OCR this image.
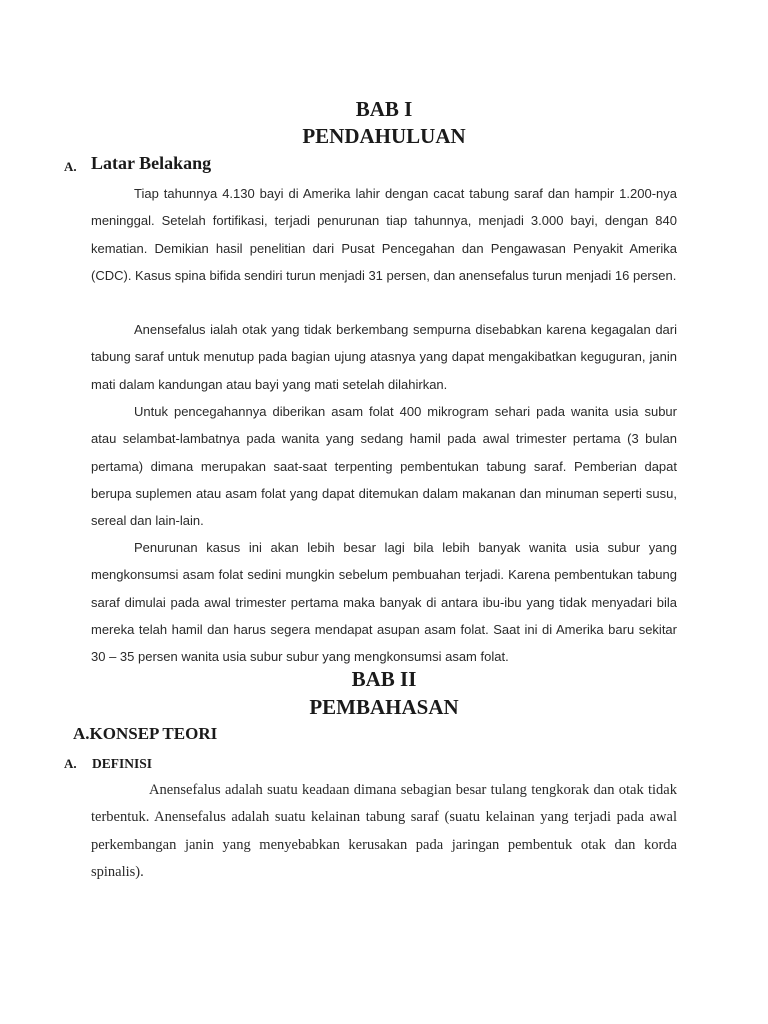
BAB I
PENDAHULUAN
A. Latar Belakang
Tiap tahunnya 4.130 bayi di Amerika lahir dengan cacat tabung saraf dan hampir 1.200-nya meninggal. Setelah fortifikasi, terjadi penurunan tiap tahunnya, menjadi 3.000 bayi, dengan 840 kematian. Demikian hasil penelitian dari Pusat Pencegahan dan Pengawasan Penyakit Amerika (CDC). Kasus spina bifida sendiri turun menjadi 31 persen, dan anensefalus turun menjadi 16 persen.
Anensefalus ialah otak yang tidak berkembang sempurna disebabkan karena kegagalan dari tabung saraf untuk menutup pada bagian ujung atasnya yang dapat mengakibatkan keguguran, janin mati dalam kandungan atau bayi yang mati setelah dilahirkan.
Untuk pencegahannya diberikan asam folat 400 mikrogram sehari pada wanita usia subur atau selambat-lambatnya pada wanita yang sedang hamil pada awal trimester pertama (3 bulan pertama) dimana merupakan saat-saat terpenting pembentukan tabung saraf. Pemberian dapat berupa suplemen atau asam folat yang dapat ditemukan dalam makanan dan minuman seperti susu, sereal dan lain-lain.
Penurunan kasus ini akan lebih besar lagi bila lebih banyak wanita usia subur yang mengkonsumsi asam folat sedini mungkin sebelum pembuahan terjadi. Karena pembentukan tabung saraf dimulai pada awal trimester pertama maka banyak di antara ibu-ibu yang tidak menyadari bila mereka telah hamil dan harus segera mendapat asupan asam folat. Saat ini di Amerika baru sekitar 30 – 35 persen wanita usia subur subur yang mengkonsumsi asam folat.
BAB II
PEMBAHASAN
A.KONSEP TEORI
A. DEFINISI
Anensefalus adalah suatu keadaan dimana sebagian besar tulang tengkorak dan otak tidak terbentuk. Anensefalus adalah suatu kelainan tabung saraf (suatu kelainan yang terjadi pada awal perkembangan janin yang menyebabkan kerusakan pada jaringan pembentuk otak dan korda spinalis).
